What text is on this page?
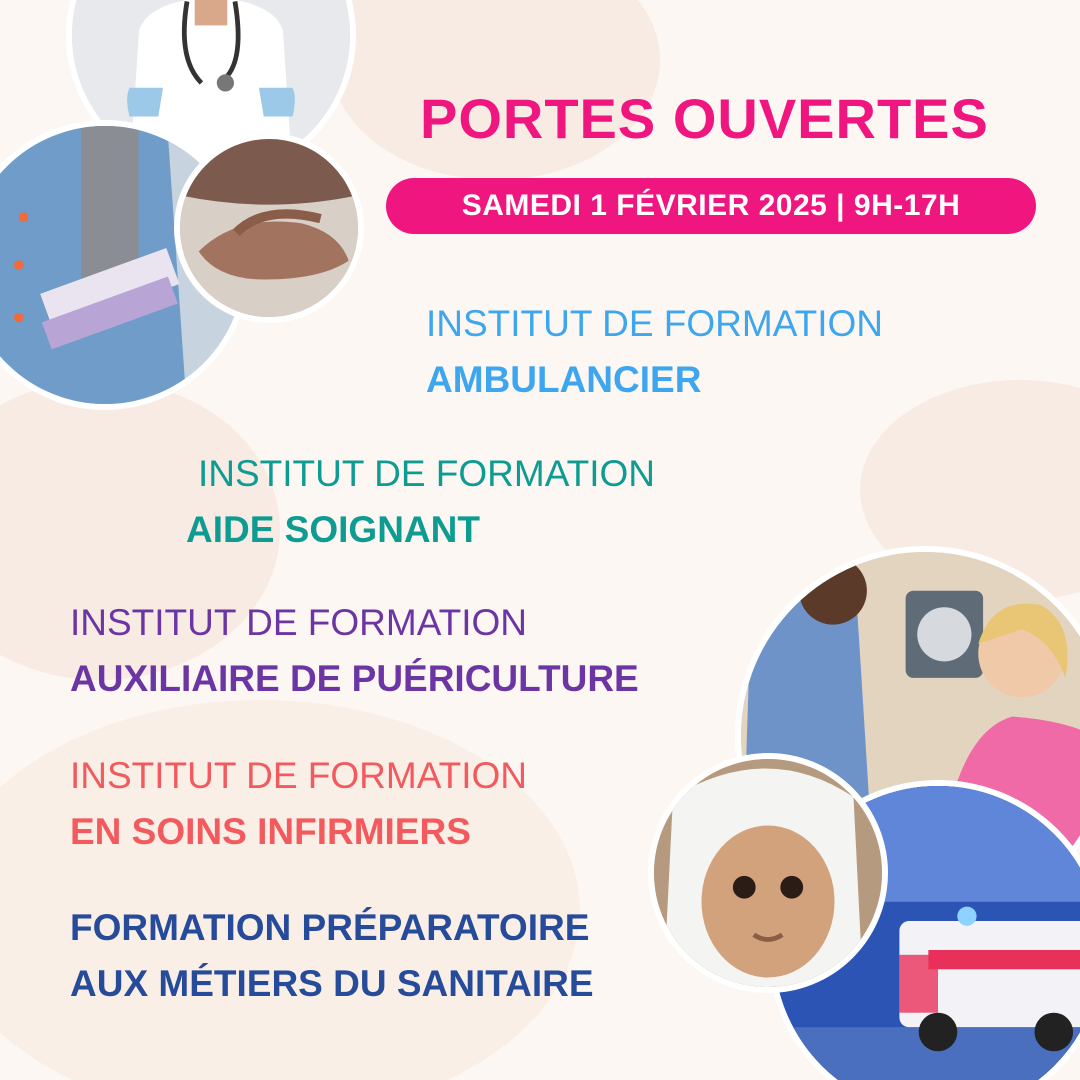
PORTES OUVERTES
SAMEDI 1 FÉVRIER 2025 | 9H-17H
INSTITUT DE FORMATION
AMBULANCIER
INSTITUT DE FORMATION
AIDE SOIGNANT
INSTITUT DE FORMATION
AUXILIAIRE DE PUÉRICULTURE
INSTITUT DE FORMATION
EN SOINS INFIRMIERS
FORMATION PRÉPARATOIRE
AUX MÉTIERS DU SANITAIRE
